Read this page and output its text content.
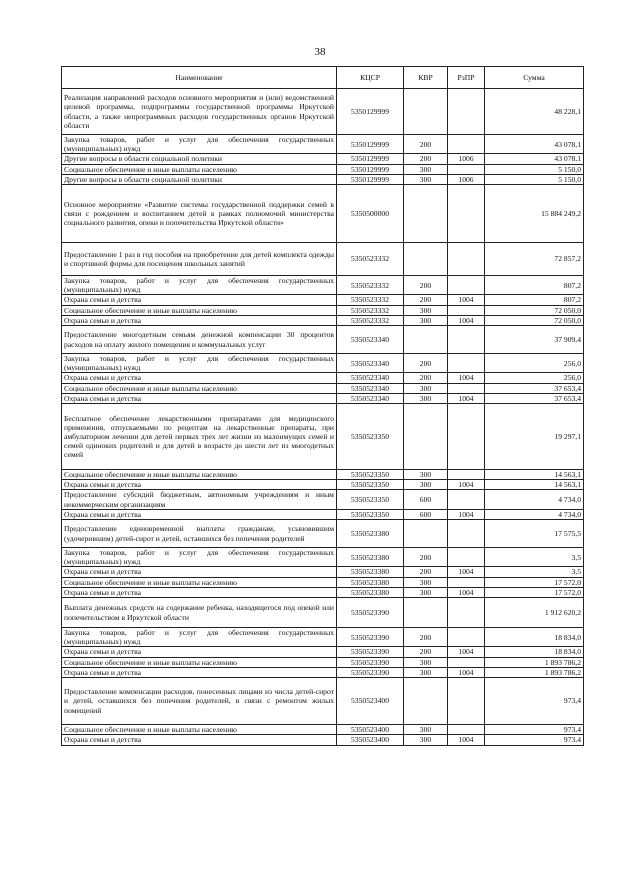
38
Наименование	КЦСР	КВР	РзПР	Сумма
Реализация направлений расходов основного мероприятия и (или) ведомственной целевой программы, подпрограммы государственной программы Иркутской области, а также непрограммных расходов государственных органов Иркутской области	5350129999			48 228,1
Закупка товаров, работ и услуг для обеспечения государственных (муниципальных) нужд	5350129999	200		43 078,1
Другие вопросы в области социальной политики	5350129999	200	1006	43 078,1
Социальное обеспечение и иные выплаты населению	5350129999	300		5 150,0
Другие вопросы в области социальной политики	5350129999	300	1006	5 150,0
Основное мероприятие «Развитие системы государственной поддержки семей в связи с рождением и воспитанием детей в рамках полномочий министерства социального развития, опеки и попечительства Иркутской области»	5350500000			15 884 249,2
Предоставление 1 раз в год пособия на приобретение для детей комплекта одежды и спортивной формы для посещения школьных занятий	5350523332			72 857,2
Закупка товаров, работ и услуг для обеспечения государственных (муниципальных) нужд	5350523332	200		807,2
Охрана семьи и детства	5350523332	200	1004	807,2
Социальное обеспечение и иные выплаты населению	5350523332	300		72 050,0
Охрана семьи и детства	5350523332	300	1004	72 050,0
Предоставление многодетным семьям денежной компенсации 30 процентов расходов на оплату жилого помещения и коммунальных услуг	5350523340			37 909,4
Закупка товаров, работ и услуг для обеспечения государственных (муниципальных) нужд	5350523340	200		256,0
Охрана семьи и детства	5350523340	200	1004	256,0
Социальное обеспечение и иные выплаты населению	5350523340	300		37 653,4
Охрана семьи и детства	5350523340	300	1004	37 653,4
Бесплатное обеспечение лекарственными препаратами для медицинского применения, отпускаемыми по рецептам на лекарственные препараты, при амбулаторном лечении для детей первых трех лет жизни из малоимущих семей и семей одиноких родителей и для детей в возрасте до шести лет из многодетных семей	5350523350			19 297,1
Социальное обеспечение и иные выплаты населению	5350523350	300		14 563,1
Охрана семьи и детства	5350523350	300	1004	14 563,1
Предоставление субсидий бюджетным, автономным учреждениям и иным некоммерческим организациям	5350523350	600		4 734,0
Охрана семьи и детства	5350523350	600	1004	4 734,0
Предоставление единовременной выплаты гражданам, усыновившим (удочерившим) детей-сирот и детей, оставшихся без попечения родителей	5350523380			17 575,5
Закупка товаров, работ и услуг для обеспечения государственных (муниципальных) нужд	5350523380	200		3,5
Охрана семьи и детства	5350523380	200	1004	3,5
Социальное обеспечение и иные выплаты населению	5350523380	300		17 572,0
Охрана семьи и детства	5350523380	300	1004	17 572,0
Выплата денежных средств на содержание ребенка, находящегося под опекой или попечительством в Иркутской области	5350523390			1 912 620,2
Закупка товаров, работ и услуг для обеспечения государственных (муниципальных) нужд	5350523390	200		18 834,0
Охрана семьи и детства	5350523390	200	1004	18 834,0
Социальное обеспечение и иные выплаты населению	5350523390	300		1 893 786,2
Охрана семьи и детства	5350523390	300	1004	1 893 786,2
Предоставление компенсации расходов, понесенных лицами из числа детей-сирот и детей, оставшихся без попечения родителей, в связи с ремонтом жилых помещений	5350523400			973,4
Социальное обеспечение и иные выплаты населению	5350523400	300		973,4
Охрана семьи и детства	5350523400	300	1004	973,4
